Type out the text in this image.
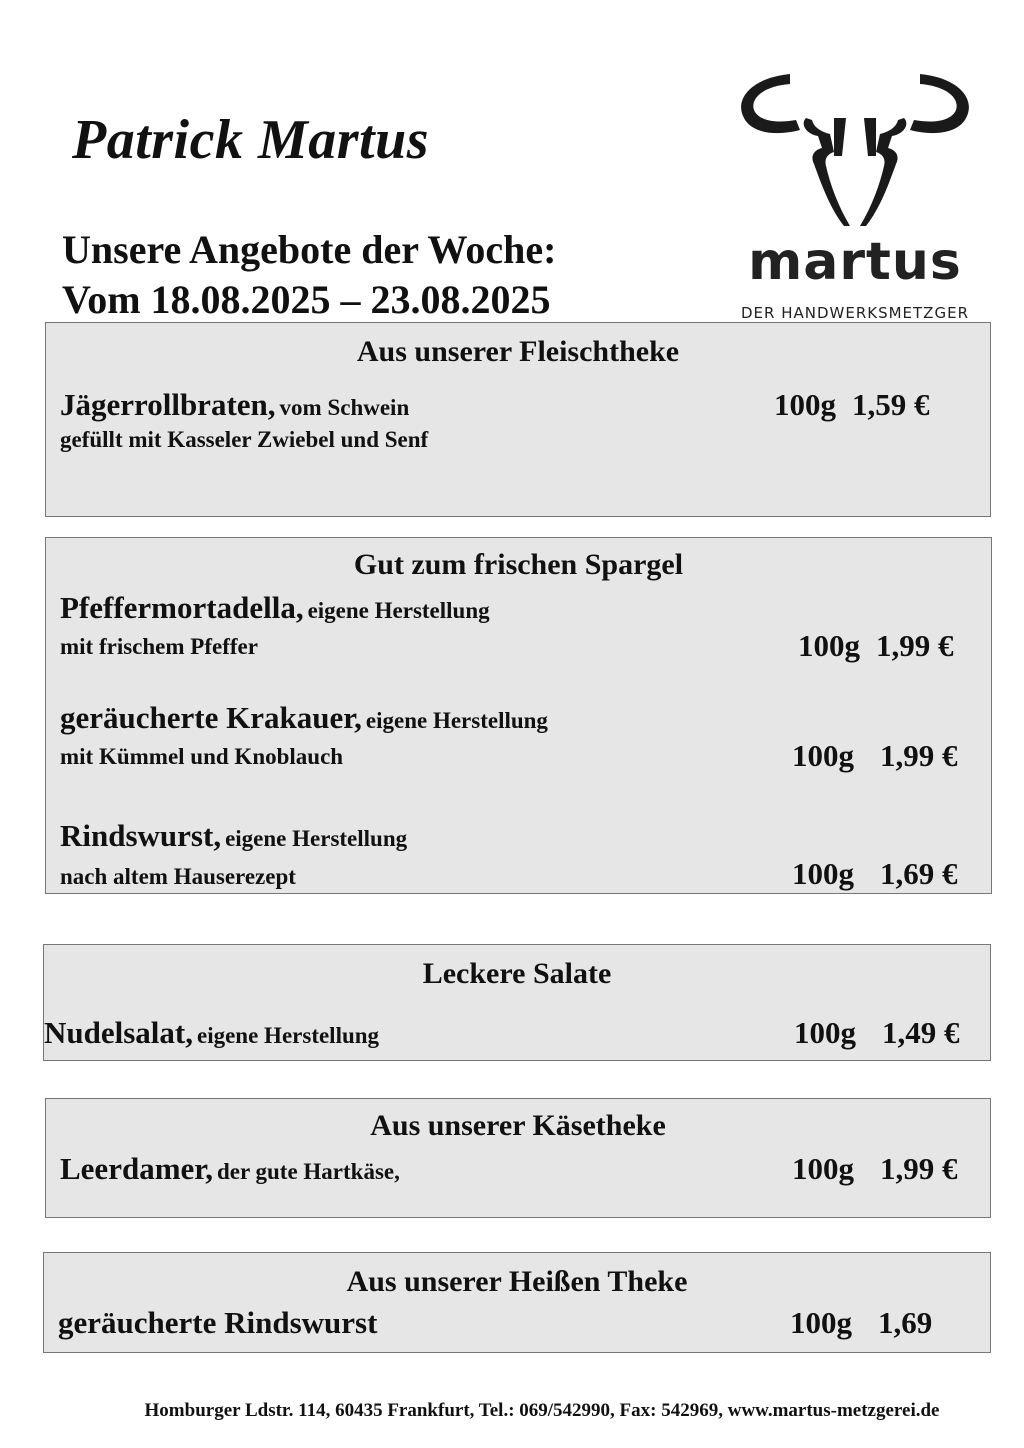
Patrick Martus
Unsere Angebote der Woche:
Vom 18.08.2025 – 23.08.2025
martus
DER HANDWERKSMETZGER
Aus unserer Fleischtheke
Jägerrollbraten, vom Schwein
gefüllt mit Kasseler Zwiebel und Senf
100g 1,59 €
Gut zum frischen Spargel
Pfeffermortadella, eigene Herstellung
mit frischem Pfeffer	100g 1,99 €
geräucherte Krakauer, eigene Herstellung
mit Kümmel und Knoblauch	100g 1,99 €
Rindswurst, eigene Herstellung
nach altem Hauserezept	100g 1,69 €
Leckere Salate
Nudelsalat, eigene Herstellung	100g 1,49 €
Aus unserer Käsetheke
Leerdamer, der gute Hartkäse,	100g 1,99 €
Aus unserer Heißen Theke
geräucherte Rindswurst	100g 1,69
Homburger Ldstr. 114, 60435 Frankfurt, Tel.: 069/542990, Fax: 542969, www.martus-metzgerei.de
